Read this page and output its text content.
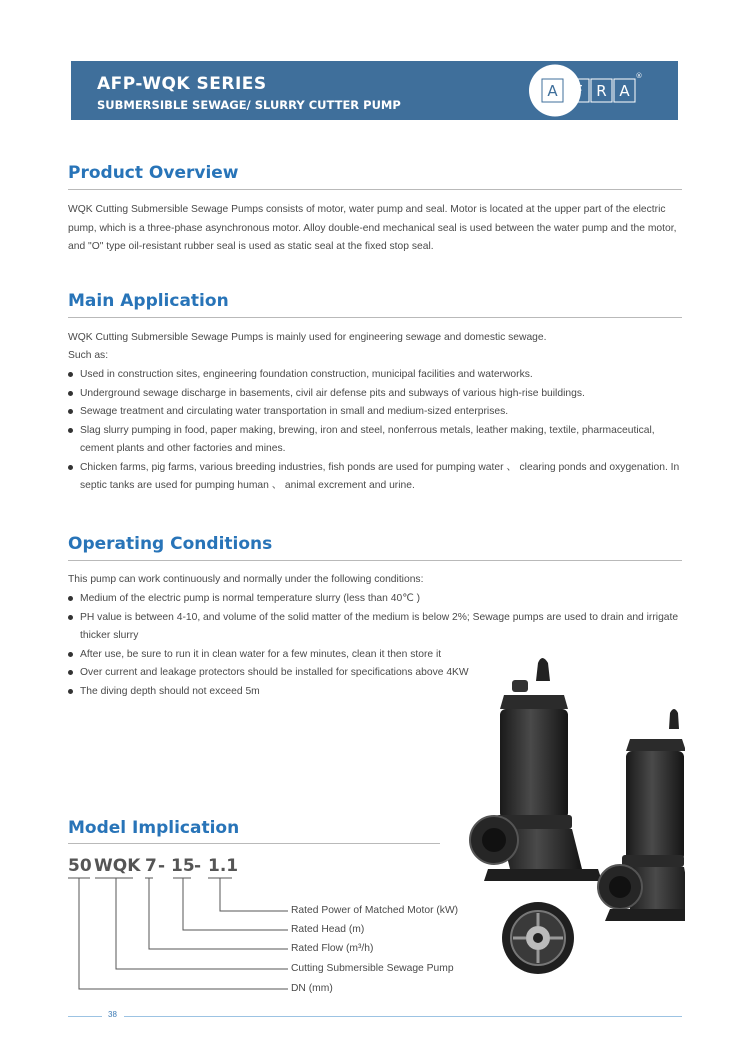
AFP-WQK SERIES
SUBMERSIBLE SEWAGE/ SLURRY CUTTER PUMP
A F R A
®
Product Overview
WQK Cutting Submersible Sewage Pumps consists of motor, water pump and seal. Motor is located at the upper part of the electric pump, which is a three-phase asynchronous motor. Alloy double-end mechanical seal is used between the water pump and the motor, and "O" type oil-resistant rubber seal is used as static seal at the fixed stop seal.
Main Application
WQK Cutting Submersible Sewage Pumps is mainly used for engineering sewage and domestic sewage.
Such as:
Used in construction sites, engineering foundation construction, municipal facilities and waterworks.
Underground sewage discharge in basements, civil air defense pits and subways of various high-rise buildings.
Sewage treatment and circulating water transportation in small and medium-sized enterprises.
Slag slurry pumping in food, paper making, brewing, iron and steel, nonferrous metals, leather making, textile, pharmaceutical, cement plants and other factories and mines.
Chicken farms, pig farms, various breeding industries, fish ponds are used for pumping water 、 clearing ponds and oxygenation. In septic tanks are used for pumping human 、 animal excrement and urine.
Operating Conditions
This pump can work continuously and normally under the following conditions:
Medium of the electric pump is normal temperature slurry (less than 40℃ )
PH value is between 4-10, and volume of the solid matter of the medium is below 2%; Sewage pumps are used to drain and irrigate thicker slurry
After use, be sure to run it in clean water for a few minutes, clean it then store it
Over current and leakage protectors should be installed for specifications above 4KW
The diving depth should not exceed 5m
Model Implication
50 WQK 7 - 15 - 1.1
Rated Power of Matched Motor (kW)
Rated Head (m)
Rated Flow (m³/h)
Cutting Submersible Sewage Pump
DN (mm)
38
